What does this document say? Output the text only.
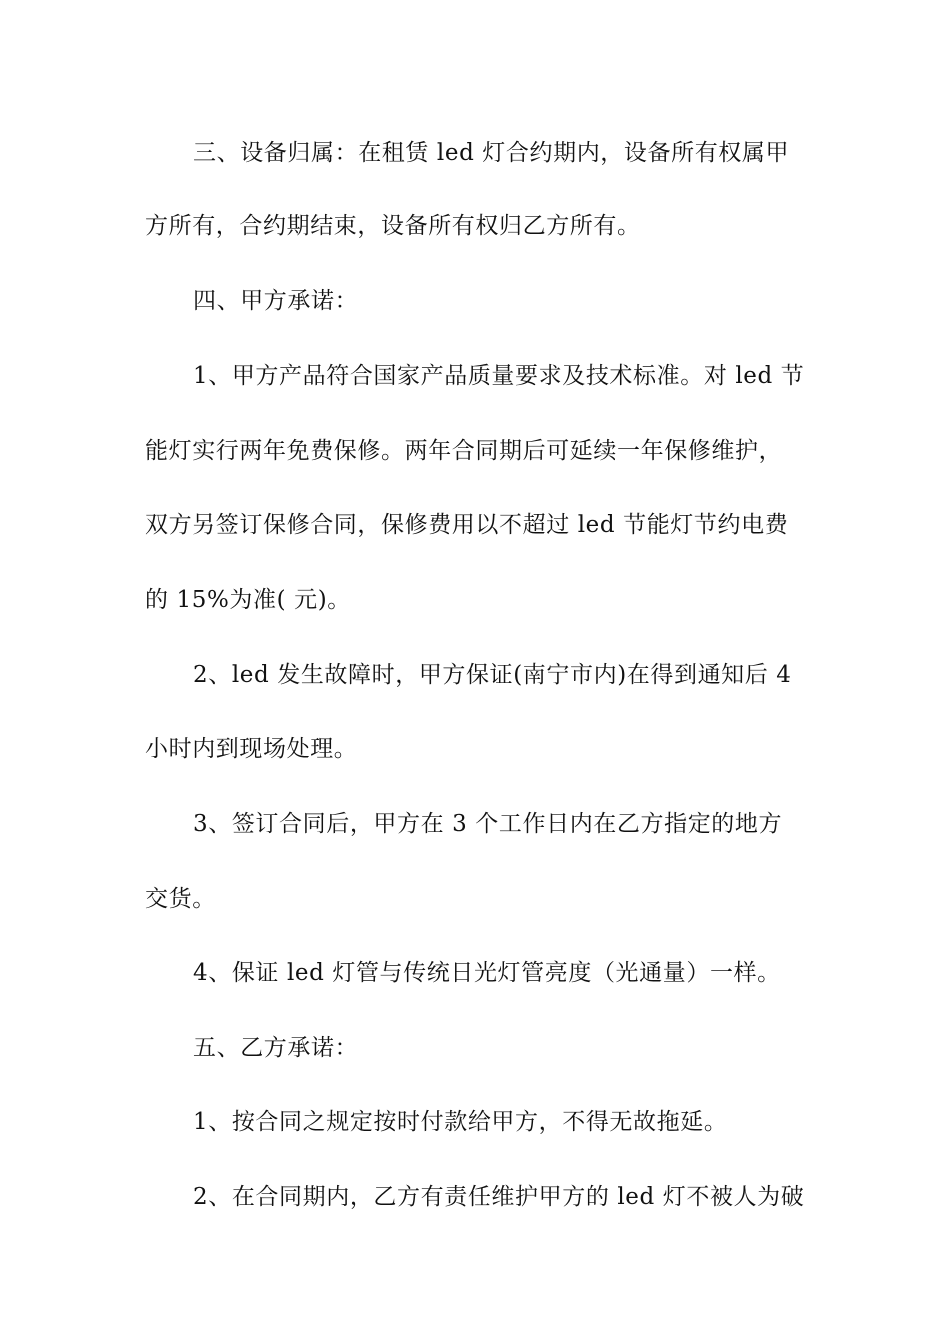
三、设备归属：在租赁 led 灯合约期内，设备所有权属甲
方所有，合约期结束，设备所有权归乙方所有。
四、甲方承诺：
1、甲方产品符合国家产品质量要求及技术标准。对 led 节
能灯实行两年免费保修。两年合同期后可延续一年保修维护，
双方另签订保修合同，保修费用以不超过 led 节能灯节约电费
的 15%为准( 元)。
2、led 发生故障时，甲方保证(南宁市内)在得到通知后 4
小时内到现场处理。
3、签订合同后，甲方在 3 个工作日内在乙方指定的地方
交货。
4、保证 led 灯管与传统日光灯管亮度（光通量）一样。
五、乙方承诺：
1、按合同之规定按时付款给甲方，不得无故拖延。
2、在合同期内，乙方有责任维护甲方的 led 灯不被人为破
